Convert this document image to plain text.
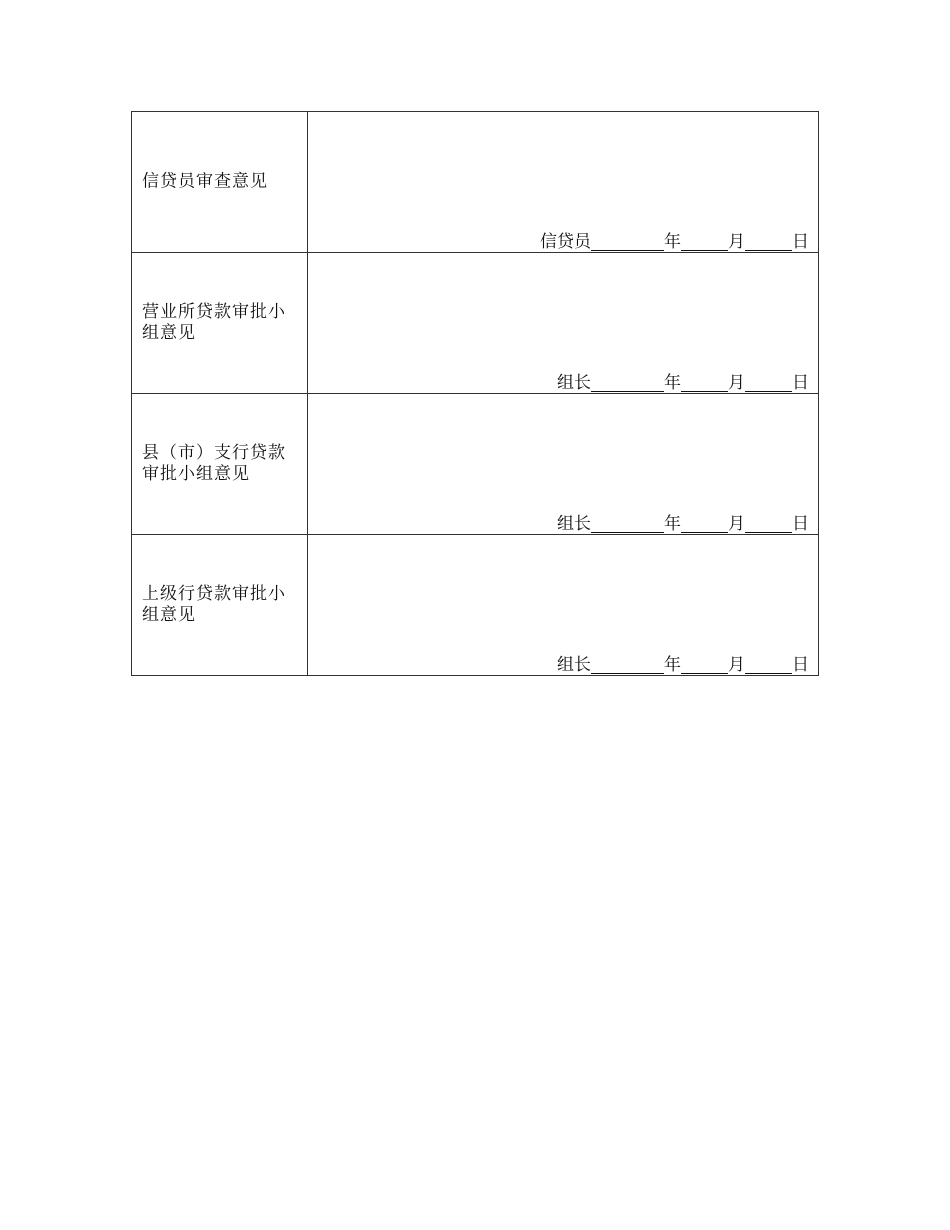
信贷员审查意见	信贷员 年 月 日

营业所贷款审批小组意见	组长 年 月 日

县（市）支行贷款审批小组意见	组长 年 月 日

上级行贷款审批小组意见	组长 年 月 日
